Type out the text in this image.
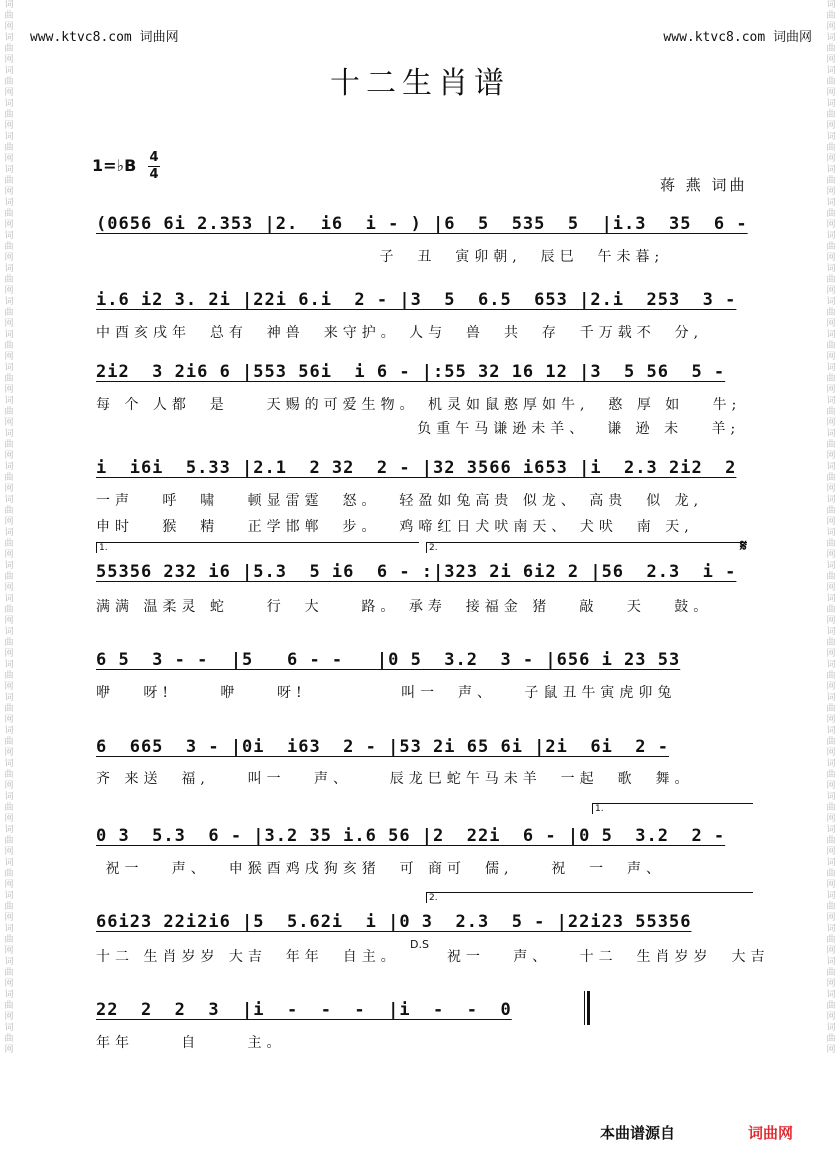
词曲网词曲网词曲网词曲网词曲网词曲网词曲网词曲网词曲网词曲网词曲网词曲网词曲网词曲网词曲网词曲网词曲网词曲网词曲网词曲网词曲网词曲网词曲网词曲网词曲网词曲网词曲网词曲网词曲网词曲网词曲网词曲网
词曲网词曲网词曲网词曲网词曲网词曲网词曲网词曲网词曲网词曲网词曲网词曲网词曲网词曲网词曲网词曲网词曲网词曲网词曲网词曲网词曲网词曲网词曲网词曲网词曲网词曲网词曲网词曲网词曲网词曲网词曲网词曲网
www.ktvc8.com 词曲网	www.ktvc8.com 词曲网
十二生肖谱
1=♭B 4
4
蒋 燕 词曲
(0656 6i 2.353 |2.  i6  i - ) |6  5  535  5  |i.3  35  6 -
子  丑  寅卯朝,  辰巳  午未暮;
i.6 i2 3. 2i |22i 6.i  2 - |3  5  6.5  653 |2.i  253  3 -
中酉亥戌年  总有  神兽  来守护。 人与  兽  共  存  千万载不  分,
2i2  3 2i6 6 |553 56i  i 6 - |:55 32 16 12 |3  5 56  5 -
每 个 人都  是    天赐的可爱生物。 机灵如鼠憨厚如牛,  憨 厚 如   牛;
负重午马谦逊未羊、  谦 逊 未   羊;
i  i6i  5.33 |2.1  2 32  2 - |32 3566 i653 |i  2.3 2i2  2
一声   呼  啸   顿显雷霆  怒。  轻盈如兔高贵 似龙、 高贵  似 龙,
申时   猴  精   正学邯郸  步。  鸡啼红日犬吠南天、 犬吠  南 天,
1.	2.	𝄋
55356 232 i6 |5.3  5 i6  6 - :|323 2i 6i2 2 |56  2.3  i -
满满 温柔灵 蛇    行  大    路。 承寿  接福金 猪   敲   天   鼓。
6 5  3 - -  |5   6 - -   |0 5  3.2  3 - |656 i 23 53
咿   呀!     咿    呀!          叫一  声、   子鼠丑牛寅虎卯兔
6  665  3 - |0i  i63  2 - |53 2i 65 6i |2i  6i  2 -
齐 来送  福,    叫一   声、    辰龙巳蛇午马未羊  一起  歌  舞。
1.
0 3  5.3  6 - |3.2 35 i.6 56 |2  22i  6 - |0 5  3.2  2 -
祝一   声、  申猴酉鸡戌狗亥猪  可 商可  儒,    祝  一  声、
2.
66i23 22i2i6 |5  5.62i  i |0 3  2.3  5 - |22i23 55356
D.S
十二 生肖岁岁 大吉  年年  自主。     祝一   声、   十二  生肖岁岁  大吉
22  2  2  3  |i  -  -  -  |i  -  -  0
年年     自     主。
本曲谱源自	词曲网
